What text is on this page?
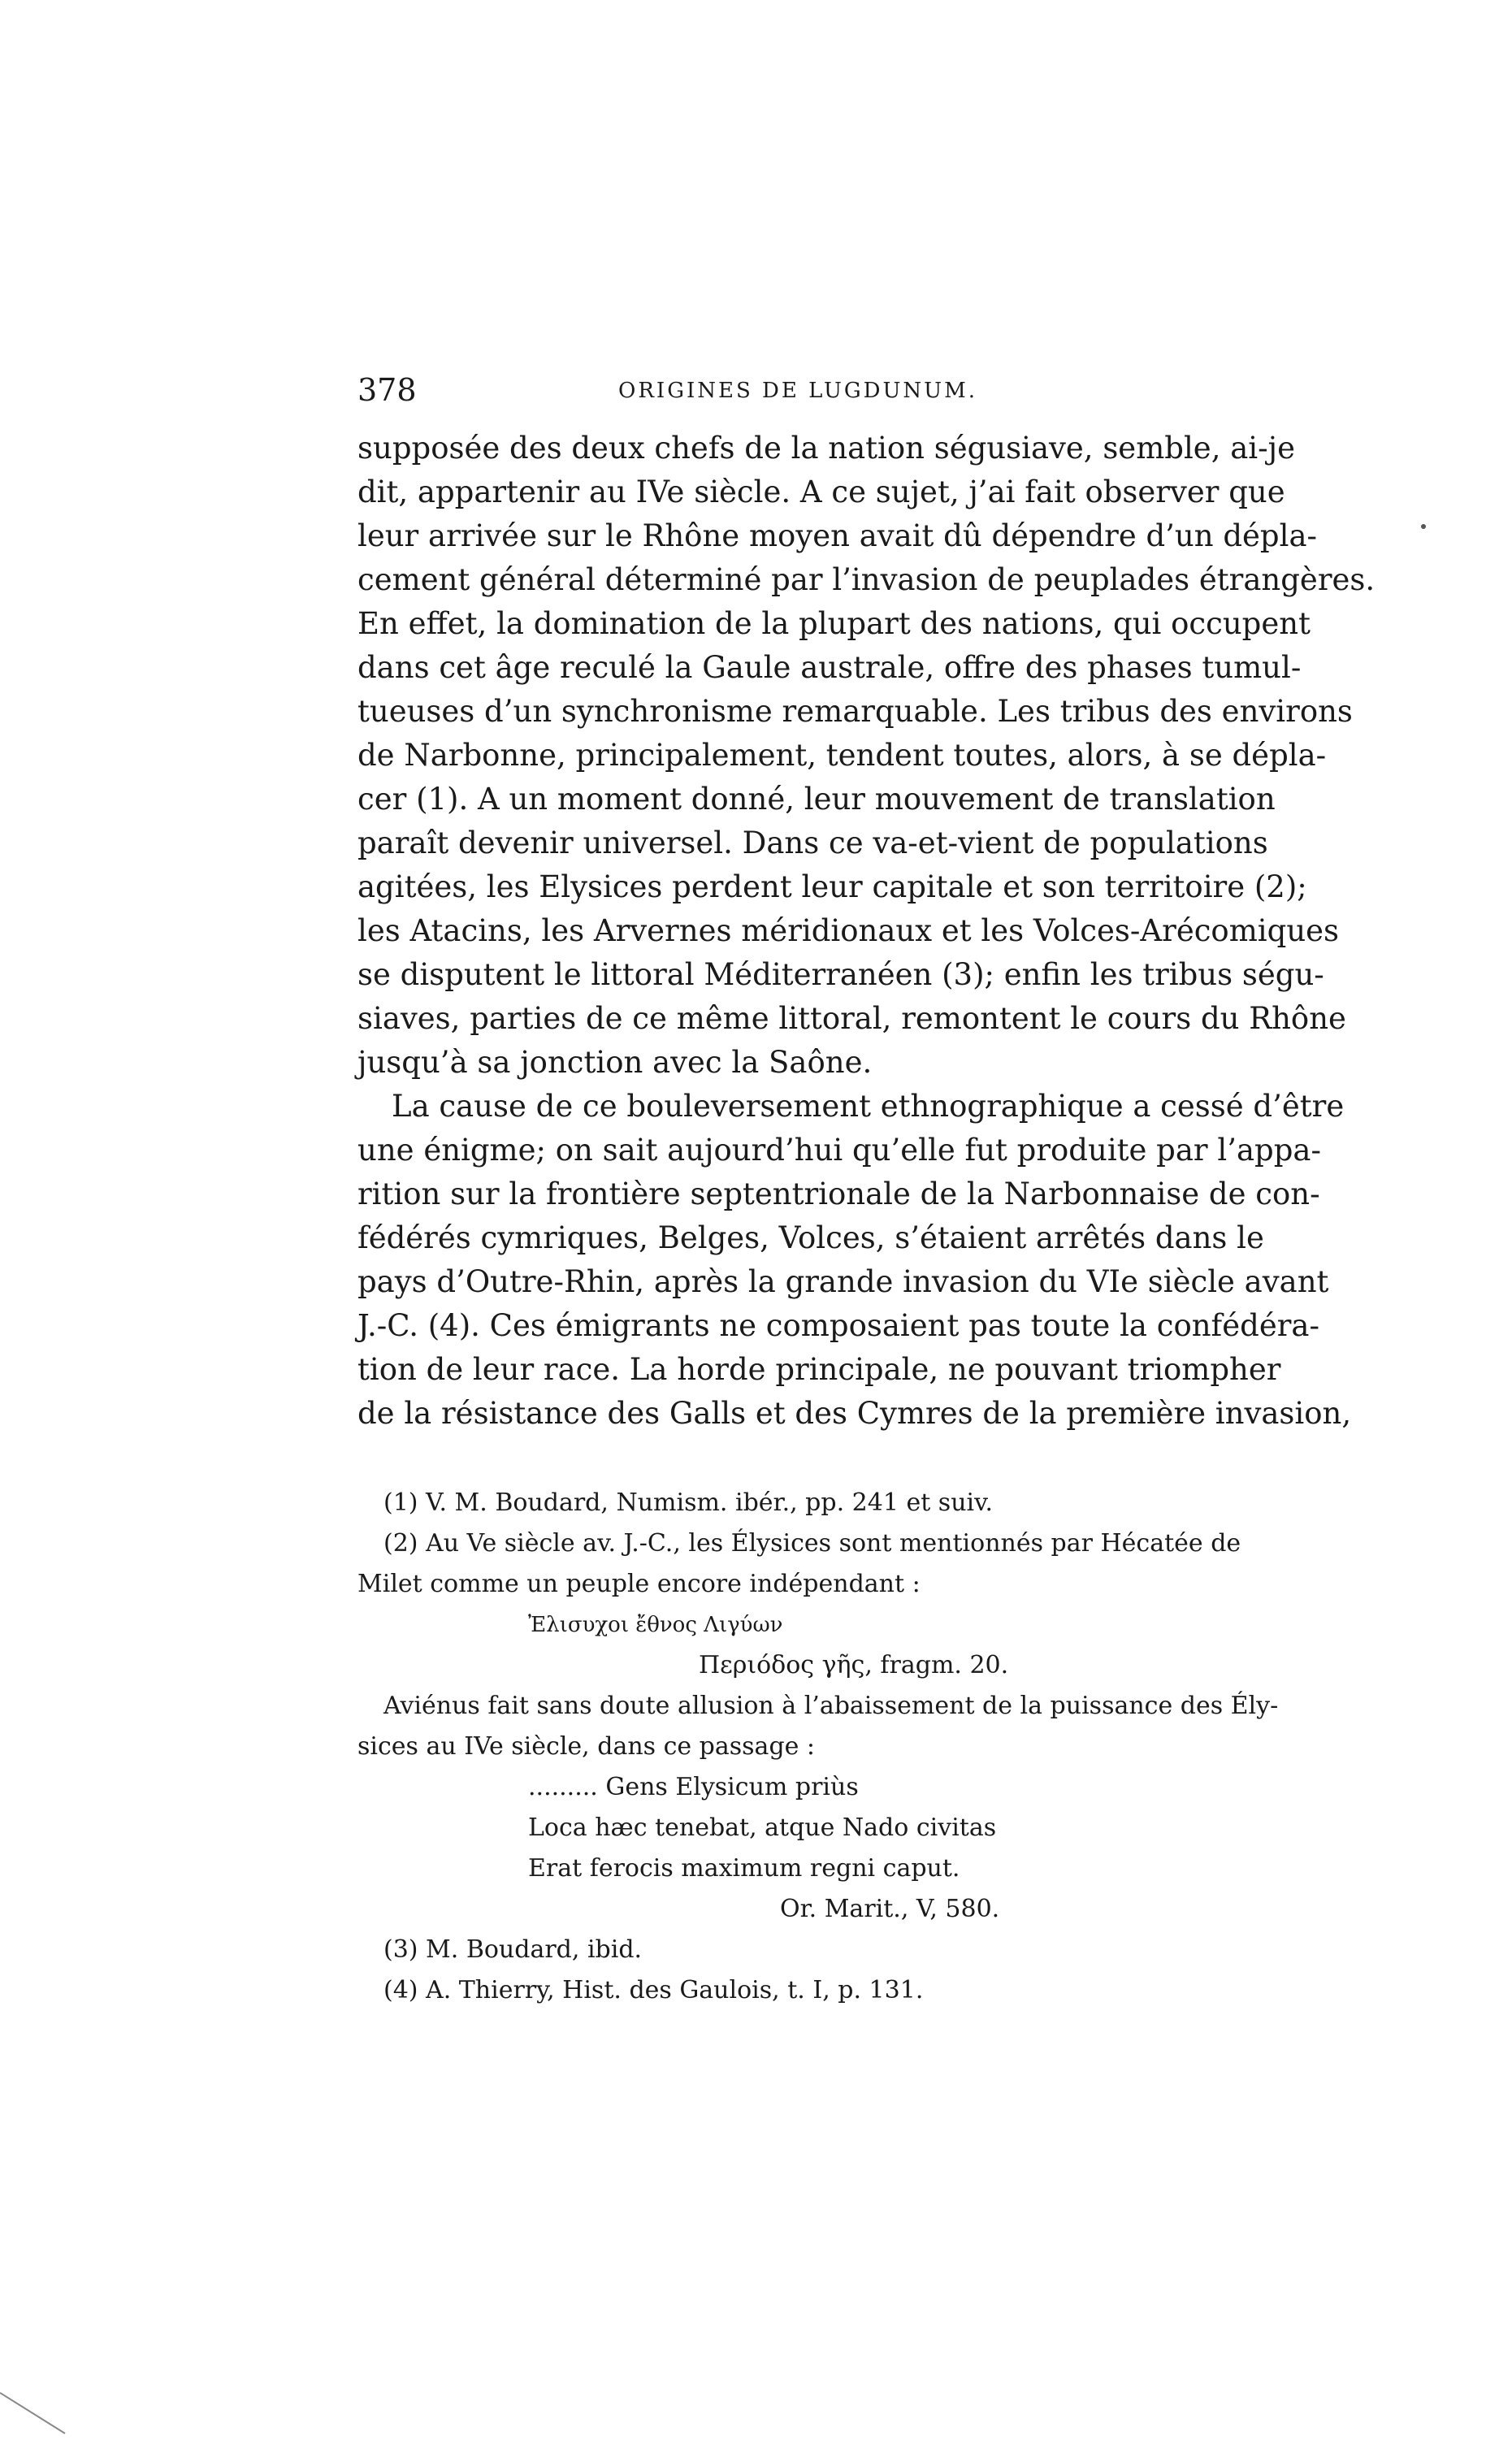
378	ORIGINES DE LUGDUNUM.
supposée des deux chefs de la nation ségusiave, semble, ai-je
dit, appartenir au IVe siècle. A ce sujet, j’ai fait observer que
leur arrivée sur le Rhône moyen avait dû dépendre d’un dépla-
cement général déterminé par l’invasion de peuplades étrangères.
En effet, la domination de la plupart des nations, qui occupent
dans cet âge reculé la Gaule australe, offre des phases tumul-
tueuses d’un synchronisme remarquable. Les tribus des environs
de Narbonne, principalement, tendent toutes, alors, à se dépla-
cer (1). A un moment donné, leur mouvement de translation
paraît devenir universel. Dans ce va-et-vient de populations
agitées, les Elysices perdent leur capitale et son territoire (2);
les Atacins, les Arvernes méridionaux et les Volces-Arécomiques
se disputent le littoral Méditerranéen (3); enfin les tribus ségu-
siaves, parties de ce même littoral, remontent le cours du Rhône
jusqu’à sa jonction avec la Saône.
La cause de ce bouleversement ethnographique a cessé d’être
une énigme; on sait aujourd’hui qu’elle fut produite par l’appa-
rition sur la frontière septentrionale de la Narbonnaise de con-
fédérés cymriques, Belges, Volces, s’étaient arrêtés dans le
pays d’Outre-Rhin, après la grande invasion du VIe siècle avant
J.-C. (4). Ces émigrants ne composaient pas toute la confédéra-
tion de leur race. La horde principale, ne pouvant triompher
de la résistance des Galls et des Cymres de la première invasion,
(1) V. M. Boudard, Numism. ibér., pp. 241 et suiv.
(2) Au Ve siècle av. J.-C., les Élysices sont mentionnés par Hécatée de
Milet comme un peuple encore indépendant :
Ἐλισυχοι ἔθνος Λιγύων
Περιόδος γῆς, fragm. 20.
Aviénus fait sans doute allusion à l’abaissement de la puissance des Ély-
sices au IVe siècle, dans ce passage :
......... Gens Elysicum priùs
Loca hæc tenebat, atque Nado civitas
Erat ferocis maximum regni caput.
Or. Marit., V, 580.
(3) M. Boudard, ibid.
(4) A. Thierry, Hist. des Gaulois, t. I, p. 131.
